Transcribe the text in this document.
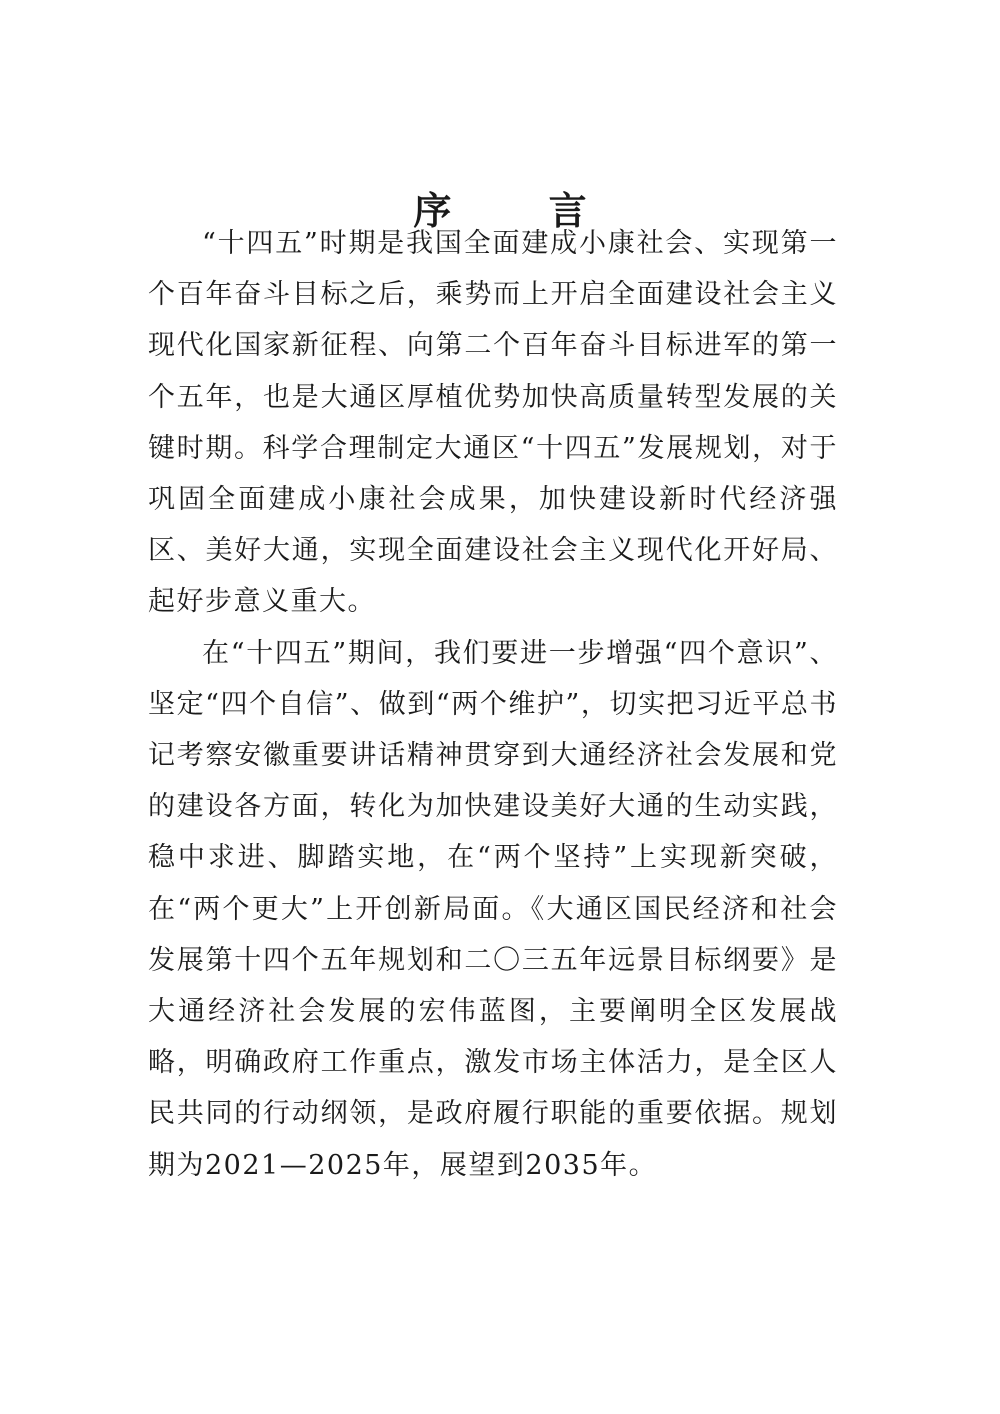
序 言

“十四五”时期是我国全面建成小康社会、实现第一个百年奋斗目标之后，乘势而上开启全面建设社会主义现代化国家新征程、向第二个百年奋斗目标进军的第一个五年，也是大通区厚植优势加快高质量转型发展的关键时期。科学合理制定大通区“十四五”发展规划，对于巩固全面建成小康社会成果，加快建设新时代经济强区、美好大通，实现全面建设社会主义现代化开好局、起好步意义重大。

在“十四五”期间，我们要进一步增强“四个意识”、坚定“四个自信”、做到“两个维护”，切实把习近平总书记考察安徽重要讲话精神贯穿到大通经济社会发展和党的建设各方面，转化为加快建设美好大通的生动实践，稳中求进、脚踏实地，在“两个坚持”上实现新突破，在“两个更大”上开创新局面。《大通区国民经济和社会发展第十四个五年规划和二〇三五年远景目标纲要》是大通经济社会发展的宏伟蓝图，主要阐明全区发展战略，明确政府工作重点，激发市场主体活力，是全区人民共同的行动纲领，是政府履行职能的重要依据。规划期为2021—2025年，展望到2035年。
